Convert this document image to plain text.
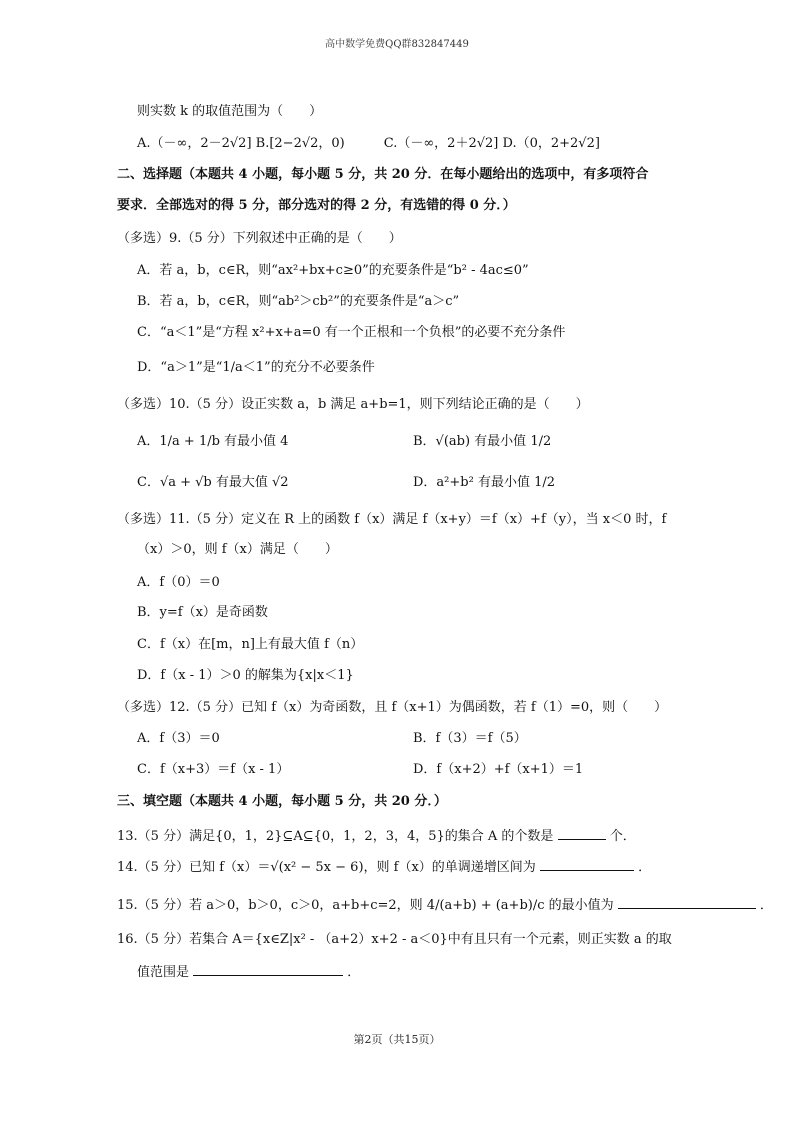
高中数学免费QQ群832847449
则实数 k 的取值范围为（　　）
A.（－∞，2－2√2] B.[2−2√2，0)　　　C.（－∞，2＋2√2] D.（0，2+2√2]
二、选择题（本题共 4 小题，每小题 5 分，共 20 分．在每小题给出的选项中，有多项符合
要求．全部选对的得 5 分，部分选对的得 2 分，有选错的得 0 分．）
（多选）9.（5 分）下列叙述中正确的是（　　）
A．若 a，b，c∈R，则“ax²+bx+c≥0”的充要条件是“b² - 4ac≤0”
B．若 a，b，c∈R，则“ab²＞cb²”的充要条件是“a＞c”
C．“a＜1”是“方程 x²+x+a=0 有一个正根和一个负根”的必要不充分条件
D．“a＞1”是“1/a＜1”的充分不必要条件
（多选）10.（5 分）设正实数 a，b 满足 a+b=1，则下列结论正确的是（　　）
A．1/a + 1/b 有最小值 4	B．√(ab) 有最小值 1/2
C．√a + √b 有最大值 √2	D．a²+b² 有最小值 1/2
（多选）11.（5 分）定义在 R 上的函数 f（x）满足 f（x+y）＝f（x）+f（y），当 x＜0 时，f
（x）＞0，则 f（x）满足（　　）
A．f（0）＝0
B．y=f（x）是奇函数
C．f（x）在[m，n]上有最大值 f（n）
D．f（x - 1）＞0 的解集为{x|x＜1}
（多选）12.（5 分）已知 f（x）为奇函数，且 f（x+1）为偶函数，若 f（1）=0，则（　　）
A．f（3）＝0	B．f（3）＝f（5）
C．f（x+3）＝f（x - 1）	D．f（x+2）+f（x+1）＝1
三、填空题（本题共 4 小题，每小题 5 分，共 20 分．）
13.（5 分）满足{0，1，2}⊆A⊆{0，1，2，3，4，5}的集合 A 的个数是	个．
14.（5 分）已知 f（x）＝√(x² − 5x − 6)，则 f（x）的单调递增区间为	．
15.（5 分）若 a＞0，b＞0，c＞0，a+b+c=2，则 4/(a+b) + (a+b)/c 的最小值为	．
16.（5 分）若集合 A＝{x∈Z|x² - （a+2）x+2 - a＜0}中有且只有一个元素，则正实数 a 的取
值范围是	．
第2页（共15页）
